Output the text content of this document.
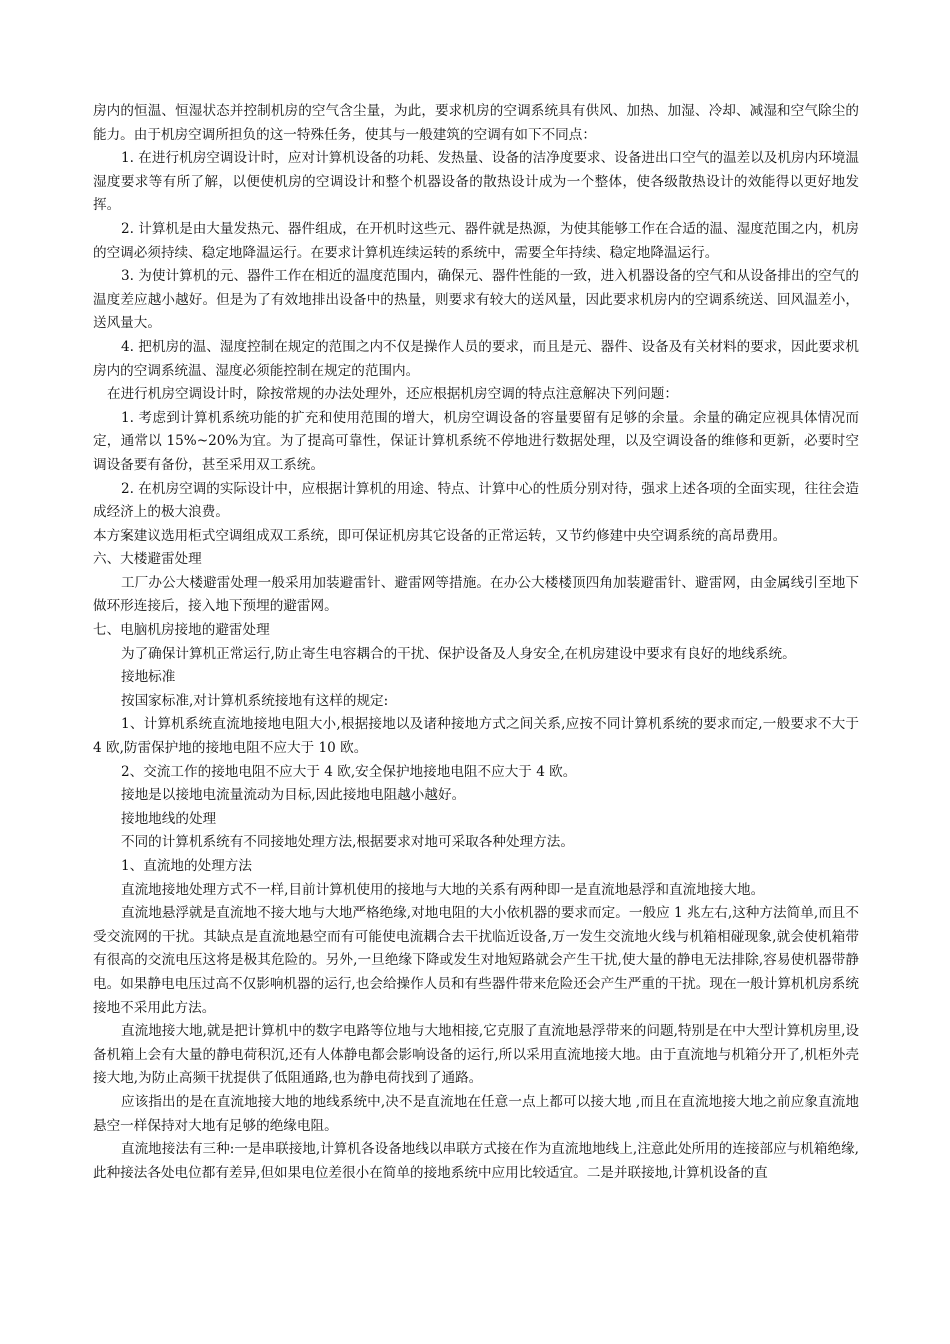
房内的恒温、恒湿状态并控制机房的空气含尘量，为此，要求机房的空调系统具有供风、加热、加湿、冷却、减湿和空气除尘的能力。由于机房空调所担负的这一特殊任务，使其与一般建筑的空调有如下不同点：

1. 在进行机房空调设计时，应对计算机设备的功耗、发热量、设备的洁净度要求、设备进出口空气的温差以及机房内环境温湿度要求等有所了解，以便使机房的空调设计和整个机器设备的散热设计成为一个整体，使各级散热设计的效能得以更好地发挥。

2. 计算机是由大量发热元、器件组成，在开机时这些元、器件就是热源，为使其能够工作在合适的温、湿度范围之内，机房的空调必须持续、稳定地降温运行。在要求计算机连续运转的系统中，需要全年持续、稳定地降温运行。

3. 为使计算机的元、器件工作在相近的温度范围内，确保元、器件性能的一致，进入机器设备的空气和从设备排出的空气的温度差应越小越好。但是为了有效地排出设备中的热量，则要求有较大的送风量，因此要求机房内的空调系统送、回风温差小，送风量大。

4. 把机房的温、湿度控制在规定的范围之内不仅是操作人员的要求，而且是元、器件、设备及有关材料的要求，因此要求机房内的空调系统温、湿度必须能控制在规定的范围内。

在进行机房空调设计时，除按常规的办法处理外，还应根据机房空调的特点注意解决下列问题：

1. 考虑到计算机系统功能的扩充和使用范围的增大，机房空调设备的容量要留有足够的余量。余量的确定应视具体情况而定，通常以 15%~20%为宜。为了提高可靠性，保证计算机系统不停地进行数据处理，以及空调设备的维修和更新，必要时空调设备要有备份，甚至采用双工系统。

2. 在机房空调的实际设计中，应根据计算机的用途、特点、计算中心的性质分别对待，强求上述各项的全面实现，往往会造成经济上的极大浪费。

本方案建议选用柜式空调组成双工系统，即可保证机房其它设备的正常运转，又节约修建中央空调系统的高昂费用。

六、大楼避雷处理

工厂办公大楼避雷处理一般采用加装避雷针、避雷网等措施。在办公大楼楼顶四角加装避雷针、避雷网，由金属线引至地下做环形连接后，接入地下预埋的避雷网。

七、电脑机房接地的避雷处理

为了确保计算机正常运行,防止寄生电容耦合的干扰、保护设备及人身安全,在机房建设中要求有良好的地线系统。

接地标准

按国家标准,对计算机系统接地有这样的规定:

1、计算机系统直流地接地电阻大小,根据接地以及诸种接地方式之间关系,应按不同计算机系统的要求而定,一般要求不大于 4 欧,防雷保护地的接地电阻不应大于 10 欧。

2、交流工作的接地电阻不应大于 4 欧,安全保护地接地电阻不应大于 4 欧。

接地是以接地电流量流动为目标,因此接地电阻越小越好。

接地地线的处理

不同的计算机系统有不同接地处理方法,根据要求对地可采取各种处理方法。

1、直流地的处理方法

直流地接地处理方式不一样,目前计算机使用的接地与大地的关系有两种即一是直流地悬浮和直流地接大地。

直流地悬浮就是直流地不接大地与大地严格绝缘,对地电阻的大小依机器的要求而定。一般应 1 兆左右,这种方法简单,而且不受交流网的干扰。其缺点是直流地悬空而有可能使电流耦合去干扰临近设备,万一发生交流地火线与机箱相碰现象,就会使机箱带有很高的交流电压这将是极其危险的。另外,一旦绝缘下降或发生对地短路就会产生干扰,使大量的静电无法排除,容易使机器带静电。如果静电电压过高不仅影响机器的运行,也会给操作人员和有些器件带来危险还会产生严重的干扰。现在一般计算机机房系统接地不采用此方法。

直流地接大地,就是把计算机中的数字电路等位地与大地相接,它克服了直流地悬浮带来的问题,特别是在中大型计算机房里,设备机箱上会有大量的静电荷积沉,还有人体静电都会影响设备的运行,所以采用直流地接大地。由于直流地与机箱分开了,机柜外壳接大地,为防止高频干扰提供了低阻通路,也为静电荷找到了通路。

应该指出的是在直流地接大地的地线系统中,决不是直流地在任意一点上都可以接大地 ,而且在直流地接大地之前应象直流地悬空一样保持对大地有足够的绝缘电阻。

直流地接法有三种:一是串联接地,计算机各设备地线以串联方式接在作为直流地地线上,注意此处所用的连接部应与机箱绝缘,此种接法各处电位都有差异,但如果电位差很小在简单的接地系统中应用比较适宜。二是并联接地,计算机设备的直
